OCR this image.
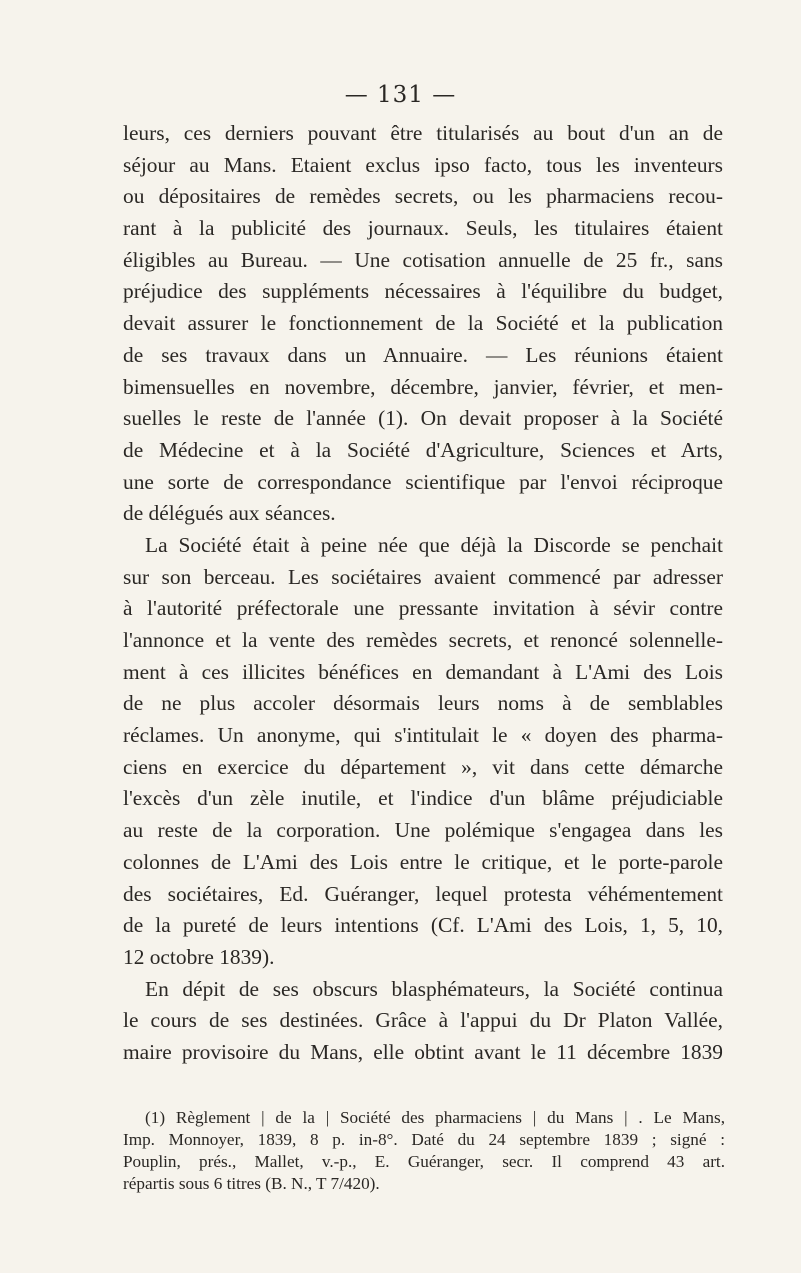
— 131 —
leurs, ces derniers pouvant être titularisés au bout d'un an de
séjour au Mans. Etaient exclus ipso facto, tous les inventeurs
ou dépositaires de remèdes secrets, ou les pharmaciens recou-
rant à la publicité des journaux. Seuls, les titulaires étaient
éligibles au Bureau. — Une cotisation annuelle de 25 fr., sans
préjudice des suppléments nécessaires à l'équilibre du budget,
devait assurer le fonctionnement de la Société et la publication
de ses travaux dans un Annuaire. — Les réunions étaient
bimensuelles en novembre, décembre, janvier, février, et men-
suelles le reste de l'année (1). On devait proposer à la Société
de Médecine et à la Société d'Agriculture, Sciences et Arts,
une sorte de correspondance scientifique par l'envoi réciproque
de délégués aux séances.
La Société était à peine née que déjà la Discorde se penchait
sur son berceau. Les sociétaires avaient commencé par adresser
à l'autorité préfectorale une pressante invitation à sévir contre
l'annonce et la vente des remèdes secrets, et renoncé solennelle-
ment à ces illicites bénéfices en demandant à L'Ami des Lois
de ne plus accoler désormais leurs noms à de semblables
réclames. Un anonyme, qui s'intitulait le « doyen des pharma-
ciens en exercice du département », vit dans cette démarche
l'excès d'un zèle inutile, et l'indice d'un blâme préjudiciable
au reste de la corporation. Une polémique s'engagea dans les
colonnes de L'Ami des Lois entre le critique, et le porte-parole
des sociétaires, Ed. Guéranger, lequel protesta véhémentement
de la pureté de leurs intentions (Cf. L'Ami des Lois, 1, 5, 10,
12 octobre 1839).
En dépit de ses obscurs blasphémateurs, la Société continua
le cours de ses destinées. Grâce à l'appui du Dr Platon Vallée,
maire provisoire du Mans, elle obtint avant le 11 décembre 1839
(1) Règlement | de la | Société des pharmaciens | du Mans | . Le Mans,
Imp. Monnoyer, 1839, 8 p. in-8°. Daté du 24 septembre 1839 ; signé :
Pouplin, prés., Mallet, v.-p., E. Guéranger, secr. Il comprend 43 art.
répartis sous 6 titres (B. N., T 7/420).
